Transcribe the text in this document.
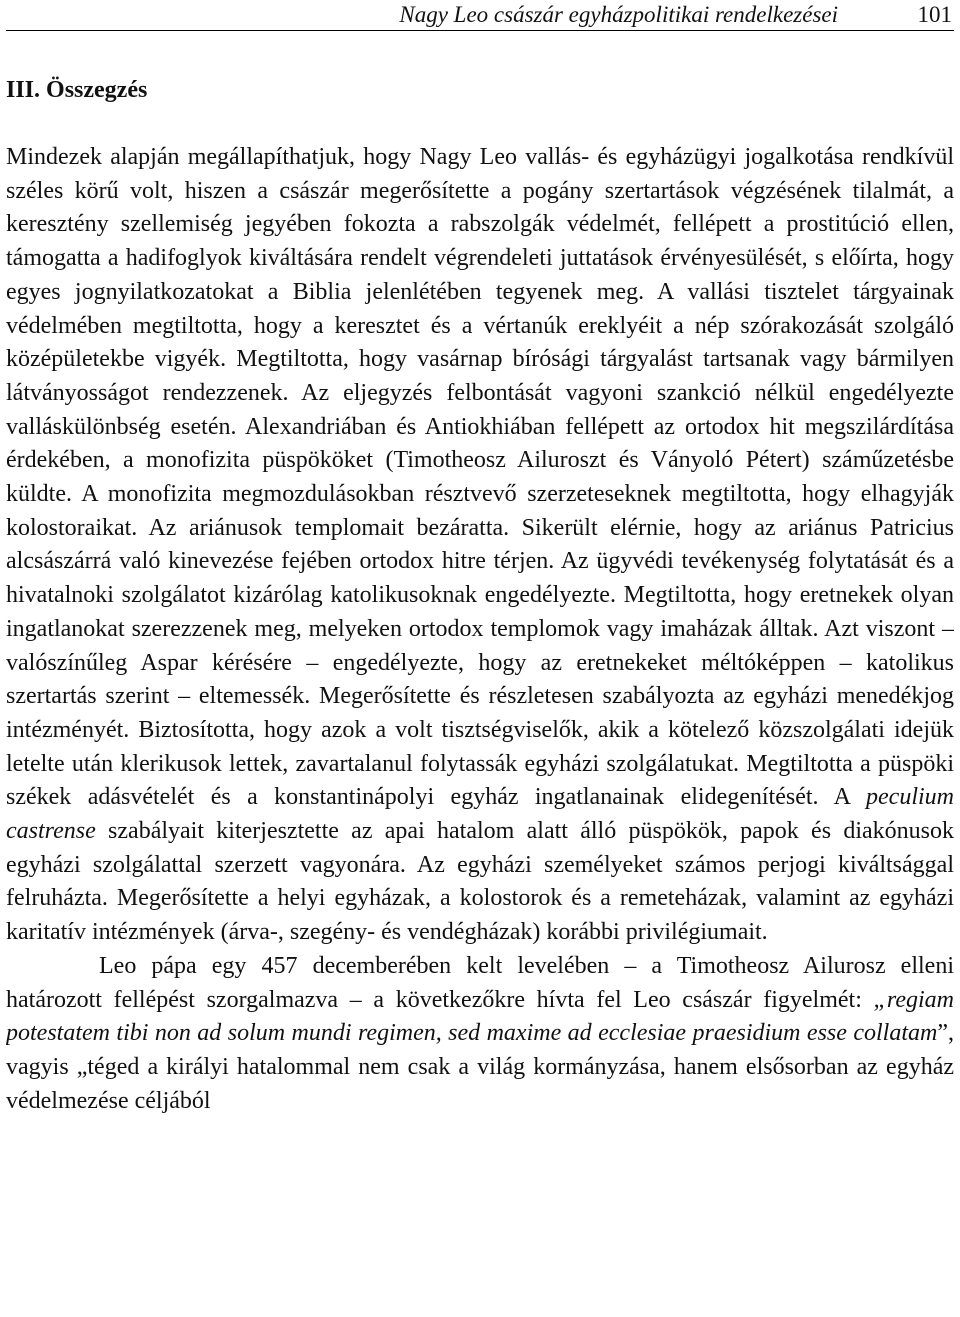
Nagy Leo császár egyházpolitikai rendelkezései	101
III. Összegzés

Mindezek alapján megállapíthatjuk, hogy Nagy Leo vallás- és egyházügyi jogalkotása rendkívül széles körű volt, hiszen a császár megerősítette a pogány szertartások végzésének tilalmát, a keresztény szellemiség jegyében fokozta a rabszolgák védelmét, fellépett a prostitúció ellen, támogatta a hadifoglyok kiváltására rendelt végrendeleti juttatások érvényesülését, s előírta, hogy egyes jognyilatkozatokat a Biblia jelenlétében tegyenek meg. A vallási tisztelet tárgyainak védelmében megtiltotta, hogy a keresztet és a vértanúk ereklyéit a nép szórakozását szolgáló középületekbe vigyék. Megtiltotta, hogy vasárnap bírósági tárgyalást tartsanak vagy bármilyen látványosságot rendezzenek. Az eljegyzés felbontását vagyoni szankció nélkül engedélyezte valláskülönbség esetén. Alexandriában és Antiokhiában fellépett az ortodox hit megszilárdítása érdekében, a monofizita püspököket (Timotheosz Ailuroszt és Ványoló Pétert) száműzetésbe küldte. A monofizita megmozdulásokban résztvevő szerzeteseknek megtiltotta, hogy elhagyják kolostoraikat. Az ariánusok templomait bezáratta. Sikerült elérnie, hogy az ariánus Patricius alcsászárrá való kinevezése fejében ortodox hitre térjen. Az ügyvédi tevékenység folytatását és a hivatalnoki szolgálatot kizárólag katolikusoknak engedélyezte. Megtiltotta, hogy eretnekek olyan ingatlanokat szerezzenek meg, melyeken ortodox templomok vagy imaházak álltak. Azt viszont – valószínűleg Aspar kérésére – engedélyezte, hogy az eretnekeket méltóképpen – katolikus szertartás szerint – eltemessék. Megerősítette és részletesen szabályozta az egyházi menedékjog intézményét. Biztosította, hogy azok a volt tisztségviselők, akik a kötelező közszolgálati idejük letelte után klerikusok lettek, zavartalanul folytassák egyházi szolgálatukat. Megtiltotta a püspöki székek adásvételét és a konstantinápolyi egyház ingatlanainak elidegenítését. A peculium castrense szabályait kiterjesztette az apai hatalom alatt álló püspökök, papok és diakónusok egyházi szolgálattal szerzett vagyonára. Az egyházi személyeket számos perjogi kiváltsággal felruházta. Megerősítette a helyi egyházak, a kolostorok és a remeteházak, valamint az egyházi karitatív intézmények (árva-, szegény- és vendégházak) korábbi privilégiumait.

Leo pápa egy 457 decemberében kelt levelében – a Timotheosz Ailurosz elleni határozott fellépést szorgalmazva – a következőkre hívta fel Leo császár figyelmét: „regiam potestatem tibi non ad solum mundi regimen, sed maxime ad ecclesiae praesidium esse collatam”, vagyis „téged a királyi hatalommal nem csak a világ kormányzása, hanem elsősorban az egyház védelmezése céljából
